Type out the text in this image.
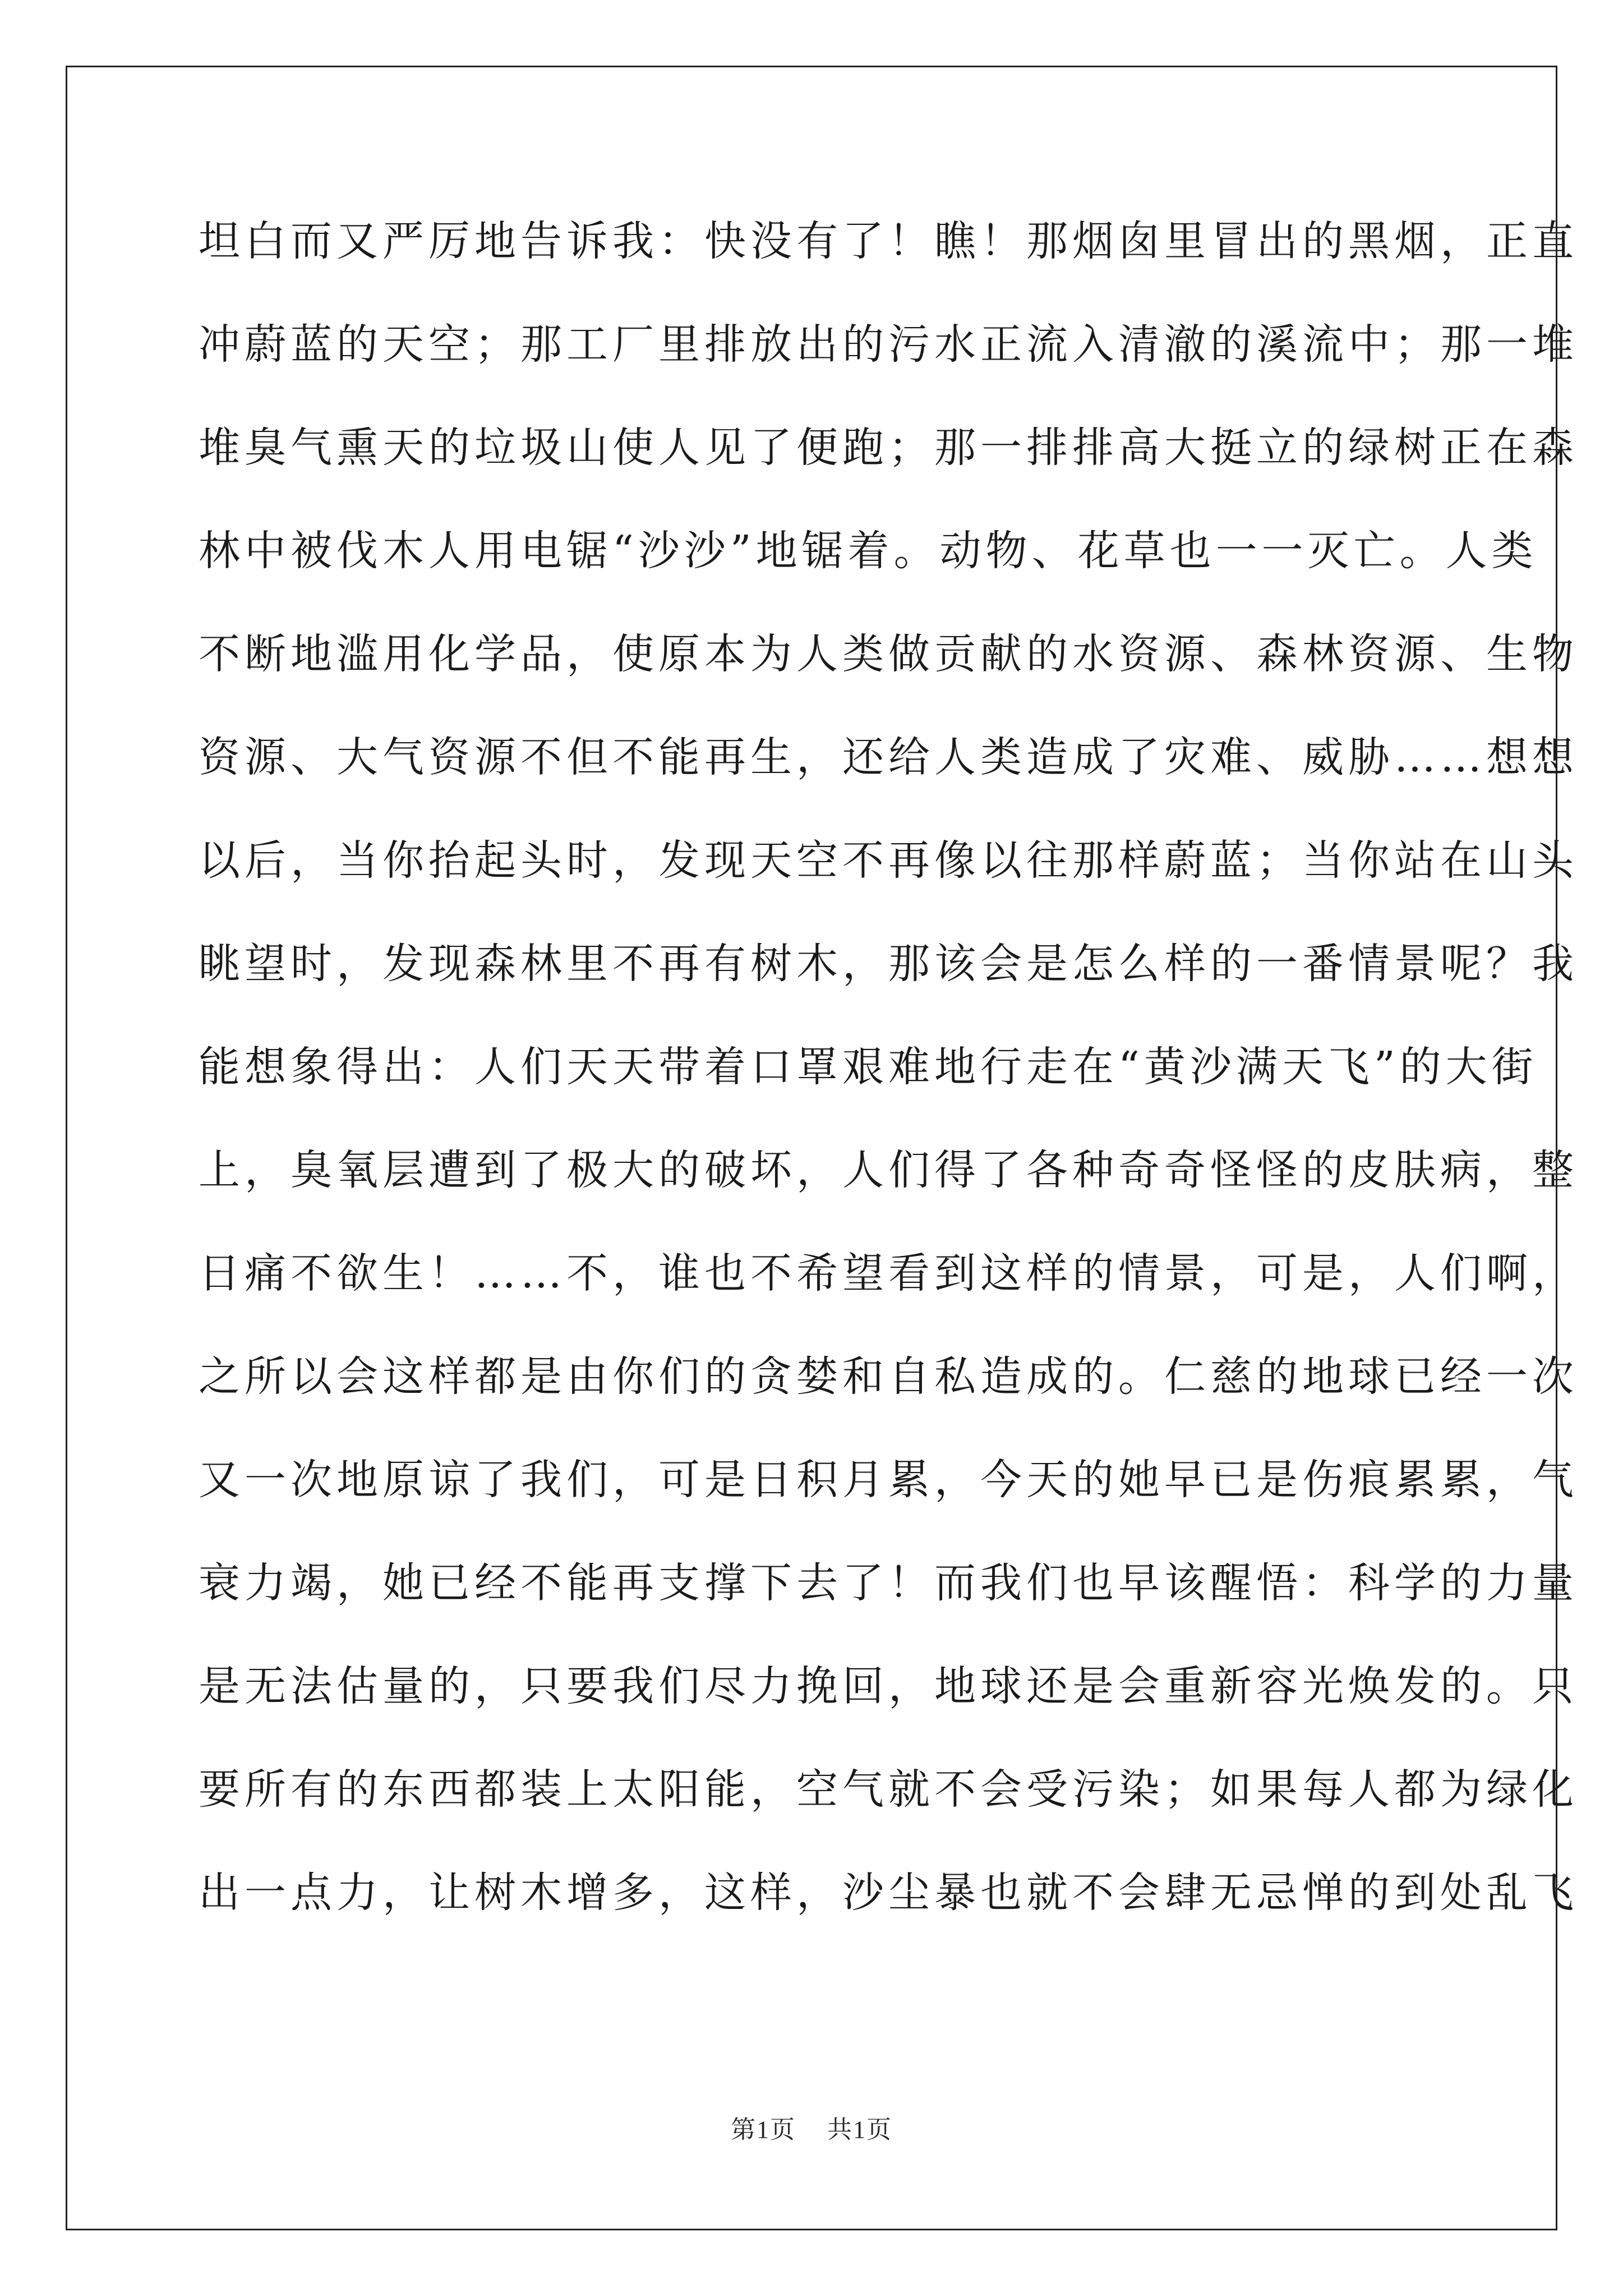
坦白而又严厉地告诉我：快没有了！瞧！那烟囱里冒出的黑烟，正直
冲蔚蓝的天空；那工厂里排放出的污水正流入清澈的溪流中；那一堆
堆臭气熏天的垃圾山使人见了便跑；那一排排高大挺立的绿树正在森
林中被伐木人用电锯“沙沙”地锯着。动物、花草也一一灭亡。人类
不断地滥用化学品，使原本为人类做贡献的水资源、森林资源、生物
资源、大气资源不但不能再生，还给人类造成了灾难、威胁……想想
以后，当你抬起头时，发现天空不再像以往那样蔚蓝；当你站在山头
眺望时，发现森林里不再有树木，那该会是怎么样的一番情景呢？我
能想象得出：人们天天带着口罩艰难地行走在“黄沙满天飞”的大街
上，臭氧层遭到了极大的破坏，人们得了各种奇奇怪怪的皮肤病，整
日痛不欲生！……不，谁也不希望看到这样的情景，可是，人们啊，
之所以会这样都是由你们的贪婪和自私造成的。仁慈的地球已经一次
又一次地原谅了我们，可是日积月累，今天的她早已是伤痕累累，气
衰力竭，她已经不能再支撑下去了！而我们也早该醒悟：科学的力量
是无法估量的，只要我们尽力挽回，地球还是会重新容光焕发的。只
要所有的东西都装上太阳能，空气就不会受污染；如果每人都为绿化
出一点力，让树木增多，这样，沙尘暴也就不会肆无忌惮的到处乱飞
第1页 共1页
